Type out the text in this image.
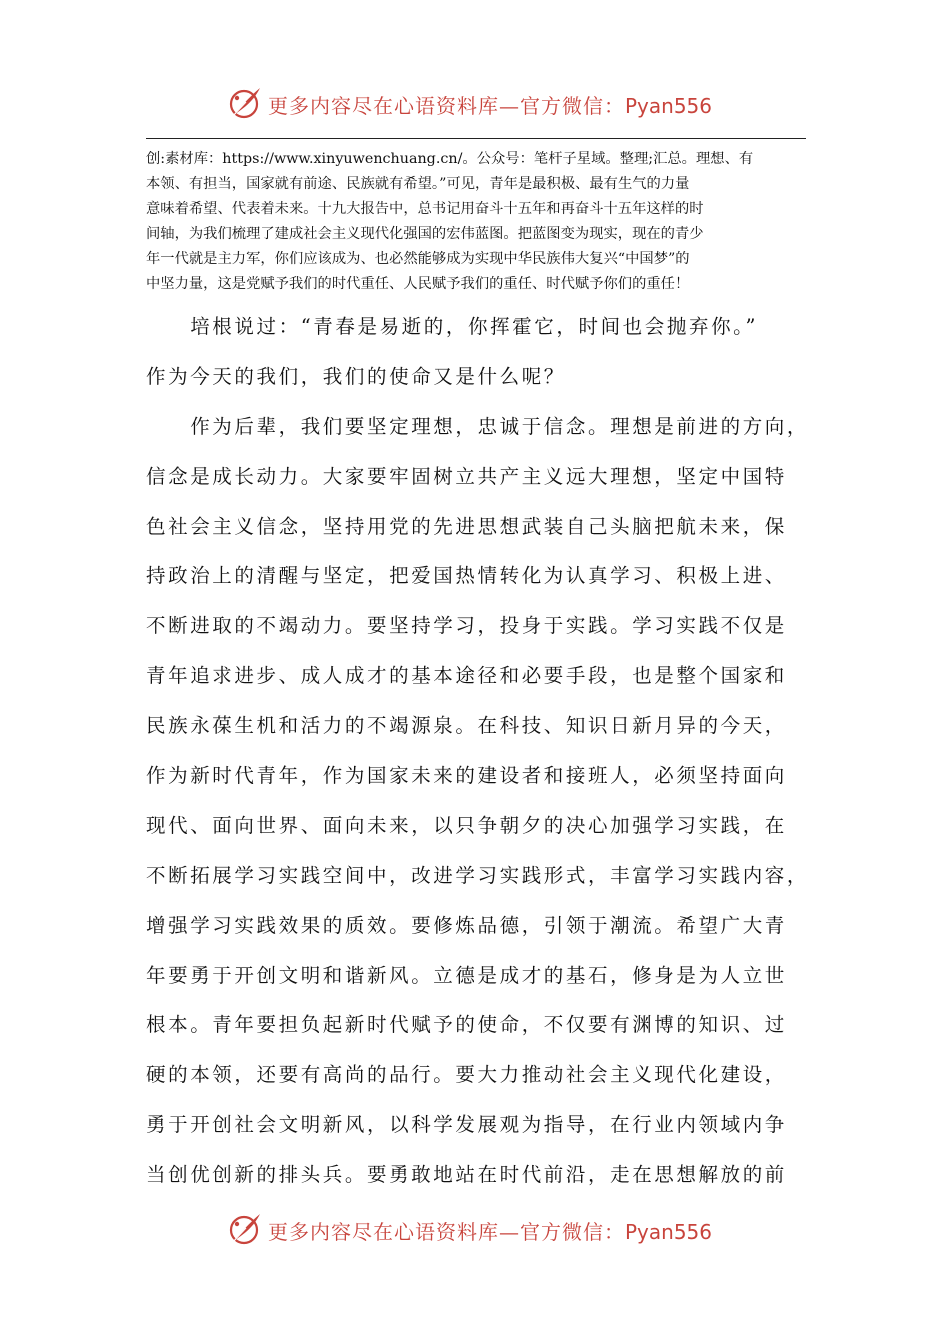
更多内容尽在心语资料库—官方微信：Pyan556
创:素材库：https://www.xinyuwenchuang.cn/。公众号：笔杆子星域。整理;汇总。理想、有
本领、有担当，国家就有前途、民族就有希望。”可见，青年是最积极、最有生气的力量
意味着希望、代表着未来。十九大报告中，总书记用奋斗十五年和再奋斗十五年这样的时
间轴，为我们梳理了建成社会主义现代化强国的宏伟蓝图。把蓝图变为现实，现在的青少
年一代就是主力军，你们应该成为、也必然能够成为实现中华民族伟大复兴“中国梦”的
中坚力量，这是党赋予我们的时代重任、人民赋予我们的重任、时代赋予你们的重任！
　　培根说过：“青春是易逝的，你挥霍它，时间也会抛弃你。”
作为今天的我们，我们的使命又是什么呢？
　　作为后辈，我们要坚定理想，忠诚于信念。理想是前进的方向，
信念是成长动力。大家要牢固树立共产主义远大理想，坚定中国特
色社会主义信念，坚持用党的先进思想武装自己头脑把航未来，保
持政治上的清醒与坚定，把爱国热情转化为认真学习、积极上进、
不断进取的不竭动力。要坚持学习，投身于实践。学习实践不仅是
青年追求进步、成人成才的基本途径和必要手段，也是整个国家和
民族永葆生机和活力的不竭源泉。在科技、知识日新月异的今天，
作为新时代青年，作为国家未来的建设者和接班人，必须坚持面向
现代、面向世界、面向未来，以只争朝夕的决心加强学习实践，在
不断拓展学习实践空间中，改进学习实践形式，丰富学习实践内容，
增强学习实践效果的质效。要修炼品德，引领于潮流。希望广大青
年要勇于开创文明和谐新风。立德是成才的基石，修身是为人立世
根本。青年要担负起新时代赋予的使命，不仅要有渊博的知识、过
硬的本领，还要有高尚的品行。要大力推动社会主义现代化建设，
勇于开创社会文明新风，以科学发展观为指导，在行业内领域内争
当创优创新的排头兵。要勇敢地站在时代前沿，走在思想解放的前
更多内容尽在心语资料库—官方微信：Pyan556
